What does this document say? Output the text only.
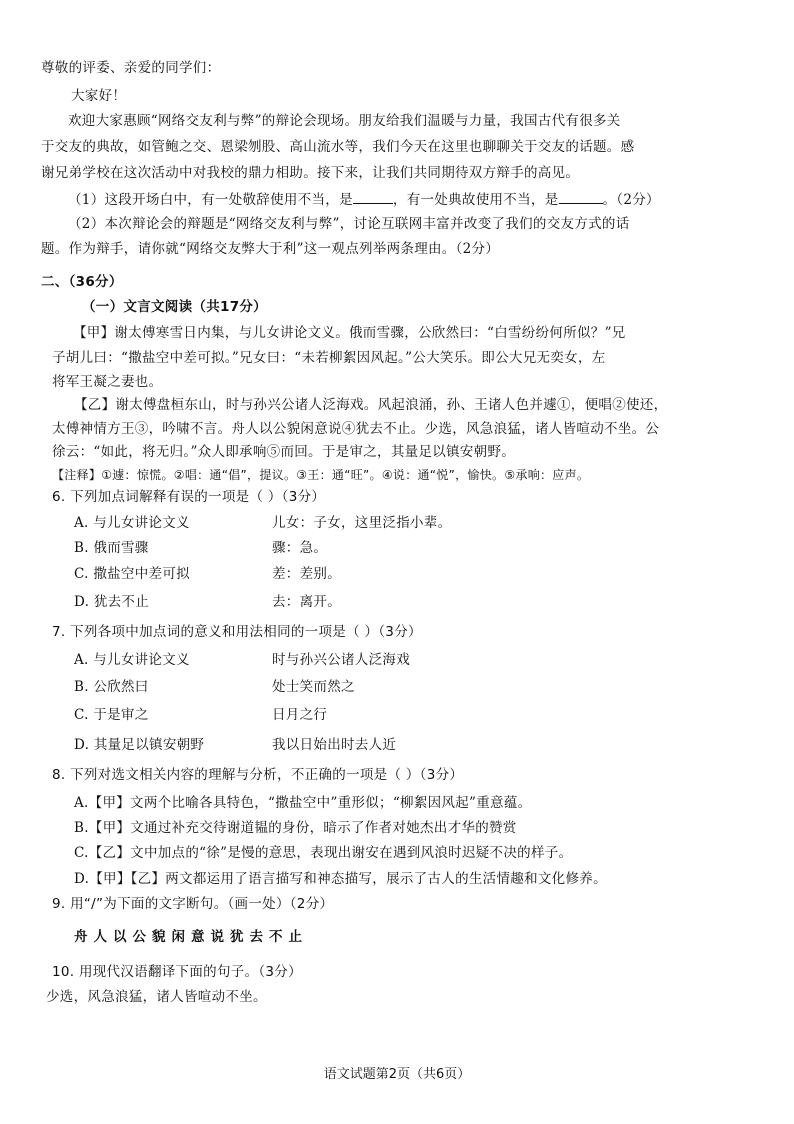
尊敬的评委、亲爱的同学们：
大家好！
欢迎大家惠顾“网络交友利与弊”的辩论会现场。朋友给我们温暖与力量，我国古代有很多关
于交友的典故，如管鲍之交、恩梁刎股、高山流水等，我们今天在这里也聊聊关于交友的话题。感
谢兄弟学校在这次活动中对我校的鼎力相助。接下来，让我们共同期待双方辩手的高见。
（1）这段开场白中，有一处敬辞使用不当，是	，有一处典故使用不当，是	。（2分）
（2）本次辩论会的辩题是“网络交友利与弊”，讨论互联网丰富并改变了我们的交友方式的话
题。作为辩手，请你就“网络交友弊大于利”这一观点列举两条理由。（2分）
二、（36分）
（一）文言文阅读（共17分）
【甲】谢太傅寒雪日内集，与儿女讲论文义。俄而雪骤，公欣然曰：“白雪纷纷何所似？”兄
子胡儿曰：“撒盐空中差可拟。”兄女曰：“未若柳絮因风起。”公大笑乐。即公大兄无奕女，左
将军王凝之妻也。
【乙】谢太傅盘桓东山，时与孙兴公诸人泛海戏。风起浪涌，孙、王诸人色并遽①，便唱②使还，
太傅神情方王③，吟啸不言。舟人以公貌闲意说④犹去不止。少选，风急浪猛，诸人皆喧动不坐。公
徐云：“如此，将无归。”众人即承响⑤而回。于是审之，其量足以镇安朝野。
【注释】①遽：惊慌。②唱：通“倡”，提议。③王：通“旺”。④说：通“悦”，愉快。⑤承响：应声。
6. 下列加点词解释有误的一项是（ ）（3分）
A. 与儿女讲论文义	儿女：子女，这里泛指小辈。
B. 俄而雪骤	骤：急。
C. 撒盐空中差可拟	差：差别。
D. 犹去不止	去：离开。
7. 下列各项中加点词的意义和用法相同的一项是（ ）（3分）
A. 与儿女讲论文义	时与孙兴公诸人泛海戏
B. 公欣然曰	处士笑而然之
C. 于是审之	日月之行
D. 其量足以镇安朝野	我以日始出时去人近
8. 下列对选文相关内容的理解与分析，不正确的一项是（ ）（3分）
A.【甲】文两个比喻各具特色，“撒盐空中”重形似；“柳絮因风起”重意蕴。
B.【甲】文通过补充交待谢道韫的身份，暗示了作者对她杰出才华的赞赏
C.【乙】文中加点的“徐”是慢的意思，表现出谢安在遇到风浪时迟疑不决的样子。
D.【甲】【乙】两文都运用了语言描写和神态描写，展示了古人的生活情趣和文化修养。
9. 用“/”为下面的文字断句。（画一处）（2分）
舟人以公貌闲意说犹去不止
10. 用现代汉语翻译下面的句子。（3分）
少选，风急浪猛，诸人皆喧动不坐。
语文试题第2页（共6页）
